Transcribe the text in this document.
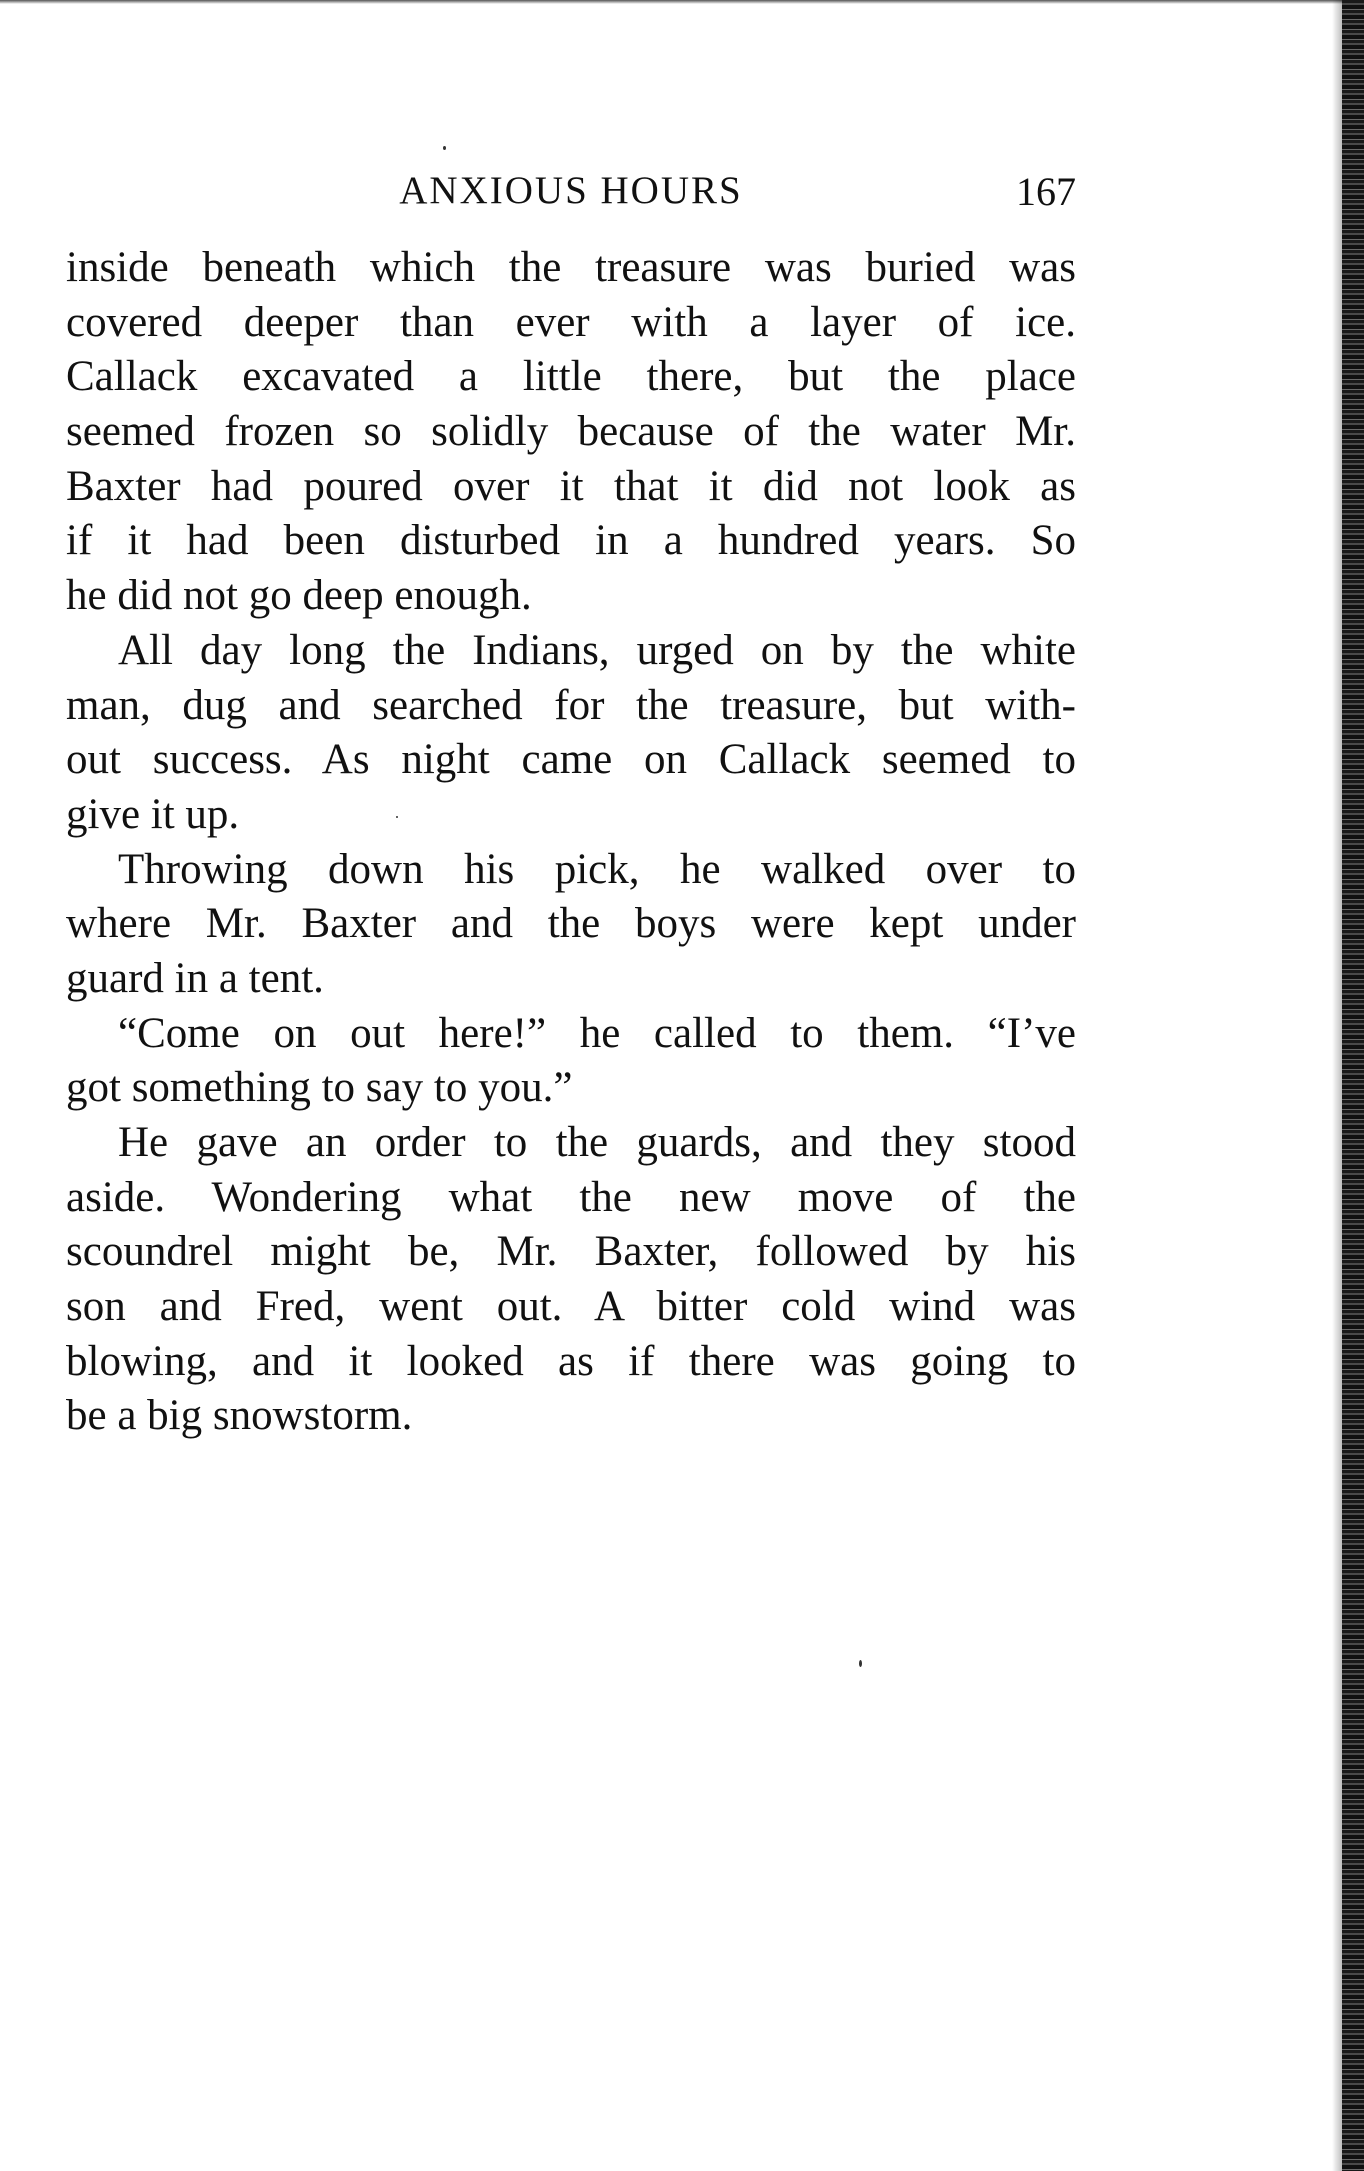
ANXIOUS HOURS	167

inside beneath which the treasure was buried was
covered deeper than ever with a layer of ice.
Callack excavated a little there, but the place
seemed frozen so solidly because of the water Mr.
Baxter had poured over it that it did not look as
if it had been disturbed in a hundred years. So
he did not go deep enough.

All day long the Indians, urged on by the white
man, dug and searched for the treasure, but with-
out success. As night came on Callack seemed to
give it up.

Throwing down his pick, he walked over to
where Mr. Baxter and the boys were kept under
guard in a tent.

“Come on out here!” he called to them. “I’ve
got something to say to you.”

He gave an order to the guards, and they stood
aside. Wondering what the new move of the
scoundrel might be, Mr. Baxter, followed by his
son and Fred, went out. A bitter cold wind was
blowing, and it looked as if there was going to
be a big snowstorm.
